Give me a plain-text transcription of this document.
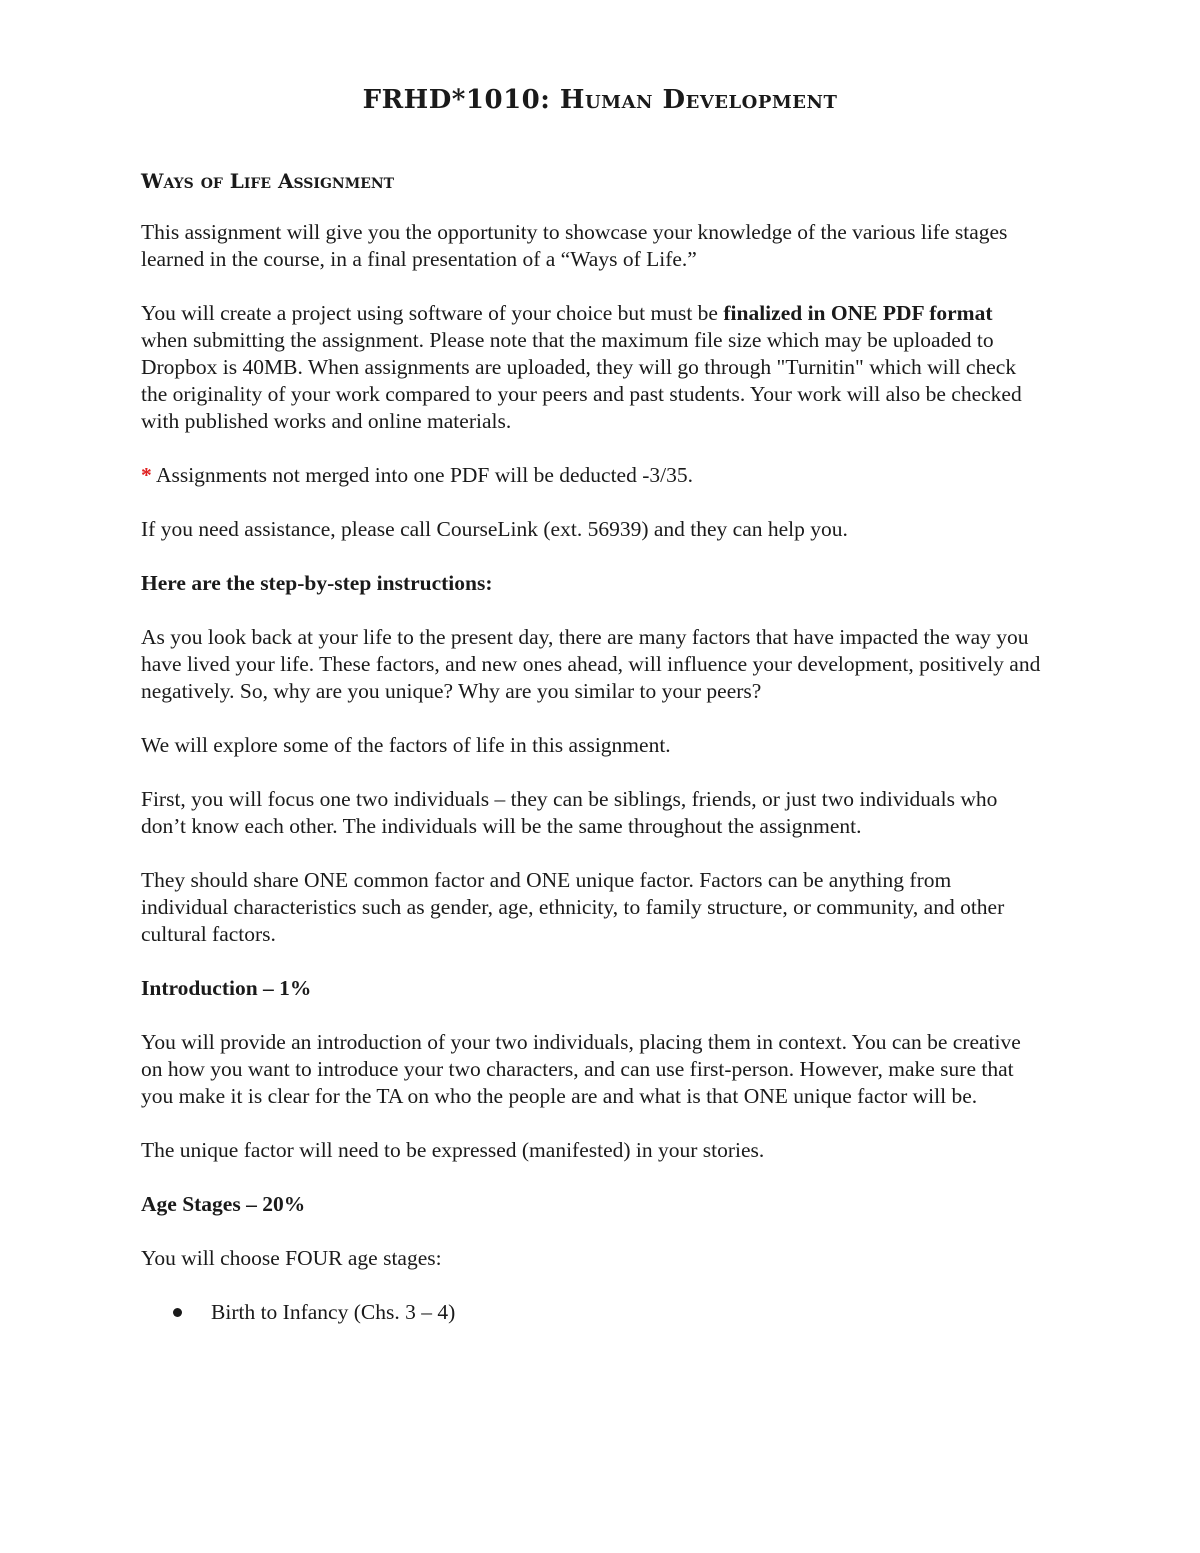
FRHD*1010: Human Development
Ways of Life Assignment

This assignment will give you the opportunity to showcase your knowledge of the various life stages learned in the course, in a final presentation of a “Ways of Life.”

You will create a project using software of your choice but must be finalized in ONE PDF format when submitting the assignment. Please note that the maximum file size which may be uploaded to Dropbox is 40MB. When assignments are uploaded, they will go through "Turnitin" which will check the originality of your work compared to your peers and past students. Your work will also be checked with published works and online materials.

* Assignments not merged into one PDF will be deducted -3/35.

If you need assistance, please call CourseLink (ext. 56939) and they can help you.

Here are the step-by-step instructions:

As you look back at your life to the present day, there are many factors that have impacted the way you have lived your life. These factors, and new ones ahead, will influence your development, positively and negatively. So, why are you unique? Why are you similar to your peers?

We will explore some of the factors of life in this assignment.

First, you will focus one two individuals – they can be siblings, friends, or just two individuals who don’t know each other. The individuals will be the same throughout the assignment.

They should share ONE common factor and ONE unique factor. Factors can be anything from individual characteristics such as gender, age, ethnicity, to family structure, or community, and other cultural factors.

Introduction – 1%

You will provide an introduction of your two individuals, placing them in context. You can be creative on how you want to introduce your two characters, and can use first-person. However, make sure that you make it is clear for the TA on who the people are and what is that ONE unique factor will be.

The unique factor will need to be expressed (manifested) in your stories.

Age Stages – 20%

You will choose FOUR age stages:

Birth to Infancy (Chs. 3 – 4)
